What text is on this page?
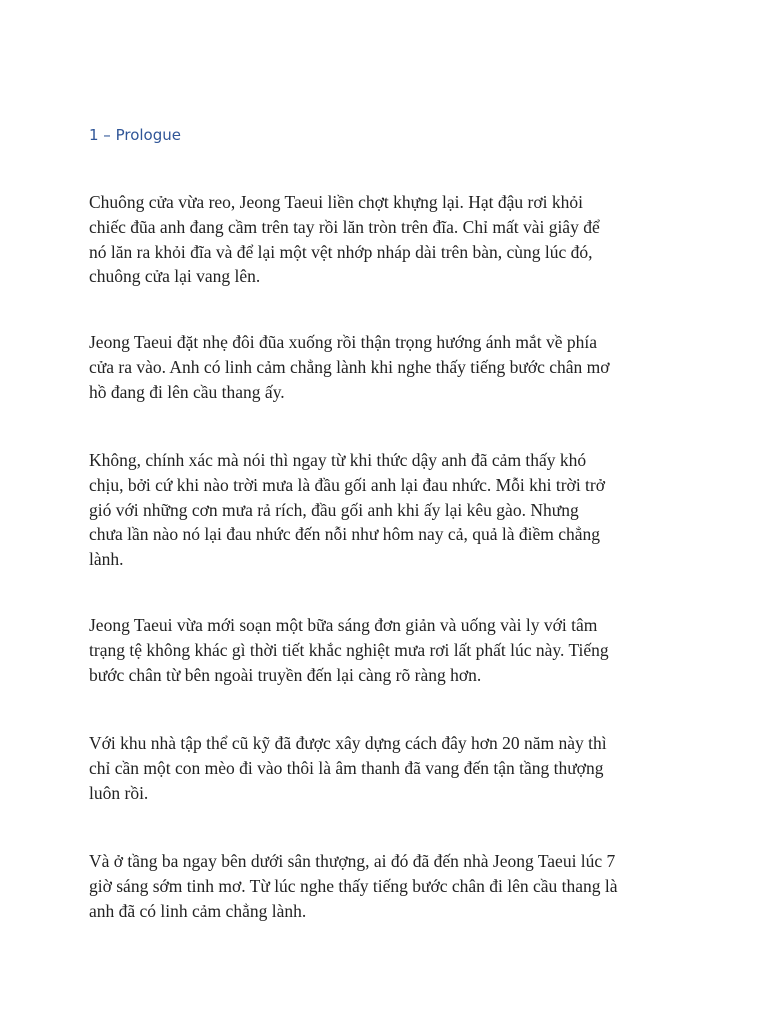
1 – Prologue

Chuông cửa vừa reo, Jeong Taeui liền chợt khựng lại. Hạt đậu rơi khỏi
chiếc đũa anh đang cầm trên tay rồi lăn tròn trên đĩa. Chỉ mất vài giây để
nó lăn ra khỏi đĩa và để lại một vệt nhớp nháp dài trên bàn, cùng lúc đó,
chuông cửa lại vang lên.

Jeong Taeui đặt nhẹ đôi đũa xuống rồi thận trọng hướng ánh mắt về phía
cửa ra vào. Anh có linh cảm chẳng lành khi nghe thấy tiếng bước chân mơ
hồ đang đi lên cầu thang ấy.

Không, chính xác mà nói thì ngay từ khi thức dậy anh đã cảm thấy khó
chịu, bởi cứ khi nào trời mưa là đầu gối anh lại đau nhức. Mỗi khi trời trở
gió với những cơn mưa rả rích, đầu gối anh khi ấy lại kêu gào. Nhưng
chưa lần nào nó lại đau nhức đến nỗi như hôm nay cả, quả là điềm chẳng
lành.

Jeong Taeui vừa mới soạn một bữa sáng đơn giản và uống vài ly với tâm
trạng tệ không khác gì thời tiết khắc nghiệt mưa rơi lất phất lúc này. Tiếng
bước chân từ bên ngoài truyền đến lại càng rõ ràng hơn.

Với khu nhà tập thể cũ kỹ đã được xây dựng cách đây hơn 20 năm này thì
chỉ cần một con mèo đi vào thôi là âm thanh đã vang đến tận tầng thượng
luôn rồi.

Và ở tầng ba ngay bên dưới sân thượng, ai đó đã đến nhà Jeong Taeui lúc 7
giờ sáng sớm tinh mơ. Từ lúc nghe thấy tiếng bước chân đi lên cầu thang là
anh đã có linh cảm chẳng lành.
